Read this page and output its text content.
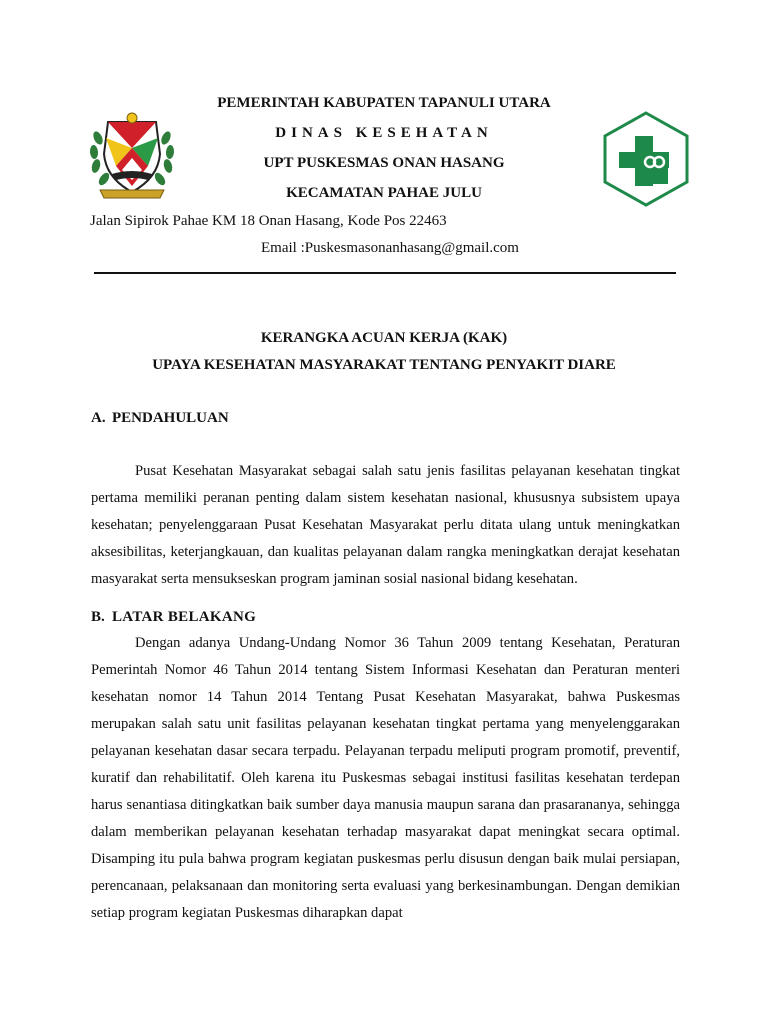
PEMERINTAH KABUPATEN TAPANULI UTARA
DINAS KESEHATAN
UPT PUSKESMAS ONAN HASANG
KECAMATAN PAHAE JULU
Jalan Sipirok Pahae KM 18 Onan Hasang, Kode Pos 22463
Email :Puskesmasonanhasang@gmail.com
KERANGKA ACUAN KERJA (KAK)
UPAYA KESEHATAN MASYARAKAT TENTANG PENYAKIT DIARE
A. PENDAHULUAN

Pusat Kesehatan Masyarakat sebagai salah satu jenis fasilitas pelayanan kesehatan tingkat pertama memiliki peranan penting dalam sistem kesehatan nasional, khususnya subsistem upaya kesehatan; penyelenggaraan Pusat Kesehatan Masyarakat perlu ditata ulang untuk meningkatkan aksesibilitas, keterjangkauan, dan kualitas pelayanan dalam rangka meningkatkan derajat kesehatan masyarakat serta mensukseskan program jaminan sosial nasional bidang kesehatan.

B. LATAR BELAKANG

Dengan adanya Undang-Undang Nomor 36 Tahun 2009 tentang Kesehatan, Peraturan Pemerintah Nomor 46 Tahun 2014 tentang Sistem Informasi Kesehatan dan Peraturan menteri kesehatan nomor 14 Tahun 2014 Tentang Pusat Kesehatan Masyarakat, bahwa Puskesmas merupakan salah satu unit fasilitas pelayanan kesehatan tingkat pertama yang menyelenggarakan pelayanan kesehatan dasar secara terpadu. Pelayanan terpadu meliputi program promotif, preventif, kuratif dan rehabilitatif. Oleh karena itu Puskesmas sebagai institusi fasilitas kesehatan terdepan harus senantiasa ditingkatkan baik sumber daya manusia maupun sarana dan prasarananya, sehingga dalam memberikan pelayanan kesehatan terhadap masyarakat dapat meningkat secara optimal. Disamping itu pula bahwa program kegiatan puskesmas perlu disusun dengan baik mulai persiapan, perencanaan, pelaksanaan dan monitoring serta evaluasi yang berkesinambungan. Dengan demikian setiap program kegiatan Puskesmas diharapkan dapat
